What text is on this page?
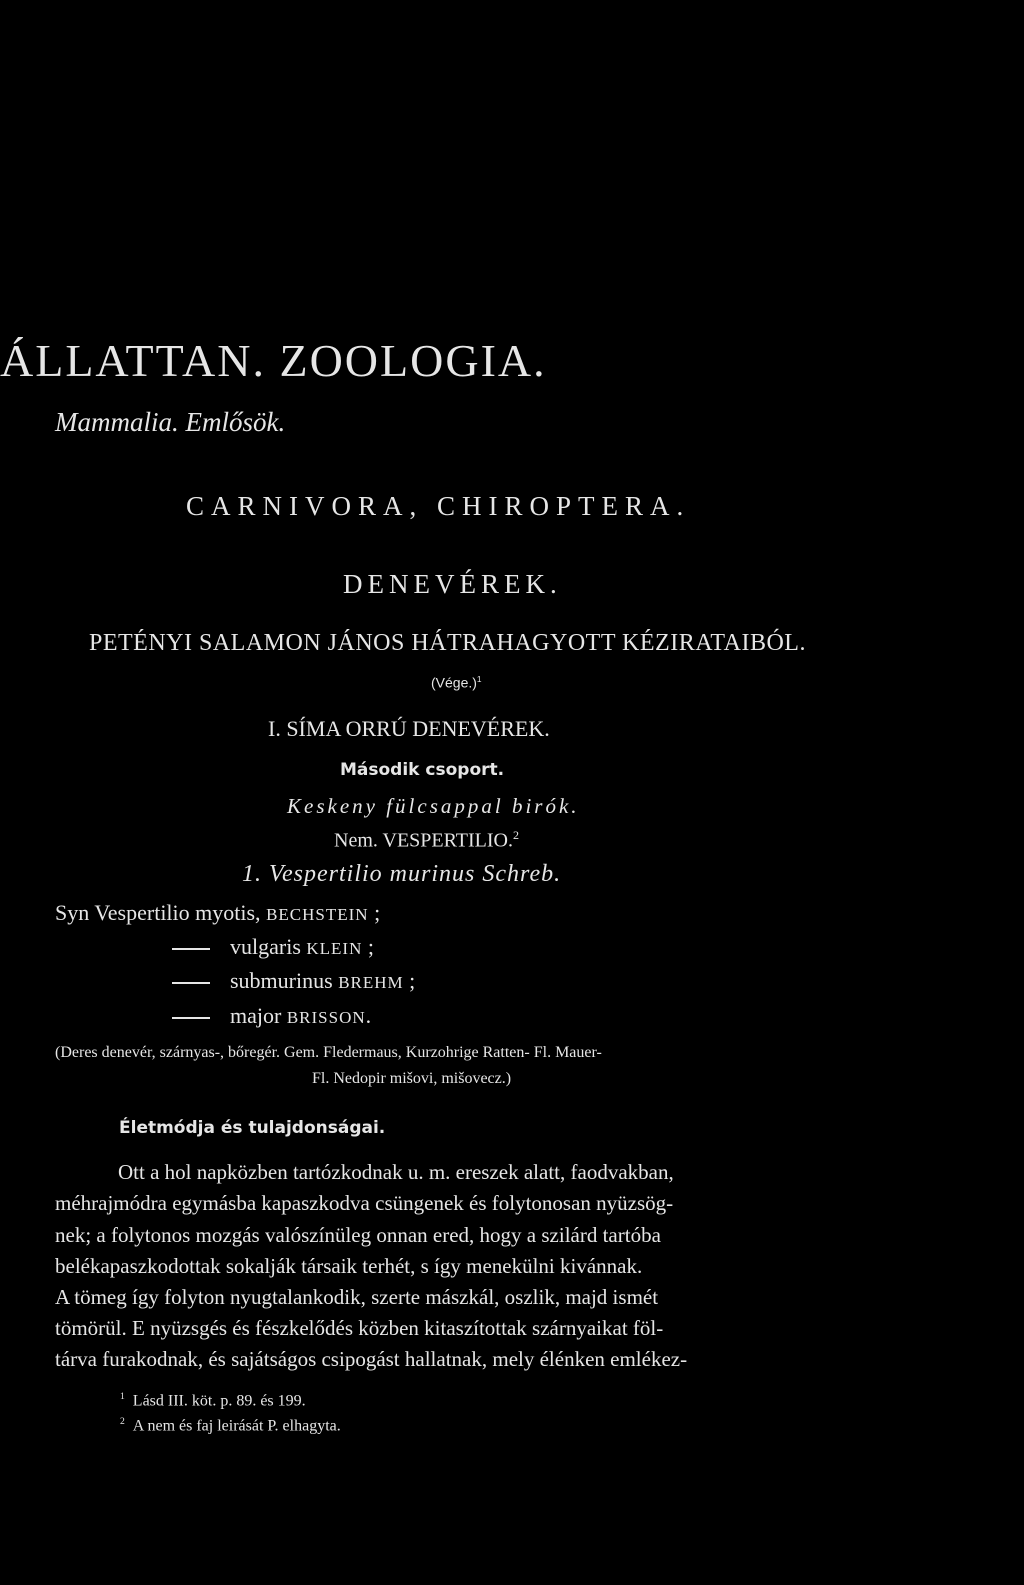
ÁLLATTAN. ZOOLOGIA.
Mammalia. Emlősök.
CARNIVORA, CHIROPTERA.
DENEVÉREK.
PETÉNYI SALAMON JÁNOS HÁTRAHAGYOTT KÉZIRATAIBÓL.
(Vége.)$^1$
I. SÍMA ORRÚ DENEVÉREK.
Második csoport.
Keskeny fülcsappal birók.
Nem. VESPERTILIO.$^2$
1. Vespertilio murinus Schreb.
Syn Vespertilio myotis, BECHSTEIN ;
vulgaris KLEIN ;
submurinus BREHM ;
major BRISSON.
(Deres denevér, szárnyas-, bőregér. Gem. Fledermaus, Kurzohrige Ratten- Fl. Mauer-
Fl. Nedopir mišovi, mišovecz.)
Életmódja és tulajdonságai.
Ott a hol napközben tartózkodnak u. m. ereszek alatt, faodvakban,
méhrajmódra egymásba kapaszkodva csüngenek és folytonosan nyüzsög-
nek; a folytonos mozgás valószínüleg onnan ered, hogy a szilárd tartóba
belékapaszkodottak sokalják társaik terhét, s így menekülni kivánnak.
A tömeg így folyton nyugtalankodik, szerte mászkál, oszlik, majd ismét
tömörül. E nyüzsgés és fészkelődés közben kitaszítottak szárnyaikat föl-
tárva furakodnak, és sajátságos csipogást hallatnak, mely élénken emlékez-
$^1$ Lásd III. köt. p. 89. és 199.
$^2$ A nem és faj leirását P. elhagyta.
